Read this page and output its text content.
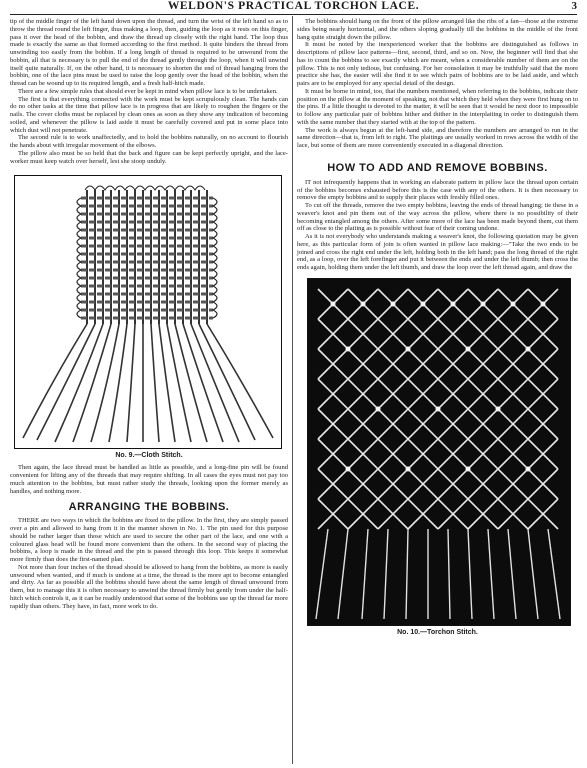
WELDON'S PRACTICAL TORCHON LACE.	3

tip of the middle finger of the left hand down upon the thread, and turn the wrist of the left hand so as to throw the thread round the left finger, thus making a loop, then, guiding the loop as it rests on this finger, pass it over the head of the bobbin, and draw the thread up closely with the right hand. The loop thus made is exactly the same as that formed according to the first method. It quite hinders the thread from unwinding too easily from the bobbin. If a long length of thread is required to be unwound from the bobbin, all that is necessary is to pull the end of the thread gently through the loop, when it will unwind itself quite naturally. If, on the other hand, it is necessary to shorten the end of thread hanging from the bobbin, one of the lace pins must be used to raise the loop gently over the head of the bobbin, when the thread can be wound up to its required length, and a fresh half-hitch made.

There are a few simple rules that should ever be kept in mind when pillow lace is to be undertaken.

The first is that everything connected with the work must be kept scrupulously clean. The hands can do no other tasks at the time that pillow lace is in progress that are likely to roughen the fingers or the nails. The cover cloths must be replaced by clean ones as soon as they show any indication of becoming soiled, and whenever the pillow is laid aside it must be carefully covered and put in some place into which dust will not penetrate.

The second rule is to work unaffectedly, and to hold the bobbins naturally, on no account to flourish the hands about with irregular movement of the elbows.

The pillow also must be so held that the back and figure can be kept perfectly upright, and the lace-worker must keep watch over herself, lest she stoop unduly.

No. 9.—Cloth Stitch.

Then again, the lace thread must be handled as little as possible, and a long-fine pin will be found convenient for lifting any of the threads that may require shifting. In all cases the eyes must not pay too much attention to the bobbins, but must rather study the threads, looking upon the former merely as handles, and nothing more.

ARRANGING THE BOBBINS.

THERE are two ways in which the bobbins are fixed to the pillow. In the first, they are simply passed over a pin and allowed to hang from it in the manner shown in No. 1. The pin used for this purpose should be rather larger than those which are used to secure the other part of the lace, and one with a coloured glass head will be found more convenient than the others. In the second way of placing the bobbins, a loop is made in the thread and the pin is passed through this loop. This keeps it somewhat more firmly than does the first-named plan.

Not more than four inches of the thread should be allowed to hang from the bobbins, as more is easily unwound when wanted, and if much is undone at a time, the thread is the more apt to become entangled and dirty. As far as possible all the bobbins should have about the same length of thread unwound from them, but to manage this it is often necessary to unwind the thread firmly but gently from under the half-hitch which controls it, as it can be readily understood that some of the bobbins use up the thread far more rapidly than others. They have, in fact, more work to do.

The bobbins should hang on the front of the pillow arranged like the ribs of a fan—those at the extreme sides being nearly horizontal, and the others sloping gradually till the bobbins in the middle of the front hang quite straight down the pillow.

It must be noted by the inexperienced worker that the bobbins are distinguished as follows in descriptions of pillow lace patterns—first, second, third, and so on. Now, the beginner will find that she has to count the bobbins to see exactly which are meant, when a considerable number of them are on the pillow. This is not only tedious, but confusing. For her consolation it may be truthfully said that the more practice she has, the easier will she find it to see which pairs of bobbins are to be laid aside, and which pairs are to be employed for any special detail of the design.

It must be borne in mind, too, that the numbers mentioned, when referring to the bobbins, indicate their position on the pillow at the moment of speaking, not that which they held when they were first hung on to the pins. If a little thought is devoted to the matter, it will be seen that it would be next door to impossible to follow any particular pair of bobbins hither and thither in the interplaiting in order to distinguish them with the same number that they started with at the top of the pattern.

The work is always begun at the left-hand side, and therefore the numbers are arranged to run in the same direction—that is, from left to right. The plaitings are usually worked in rows across the width of the lace, but some of them are more conveniently executed in a diagonal direction.

HOW TO ADD AND REMOVE BOBBINS.

IT not infrequently happens that in working an elaborate pattern in pillow lace the thread upon certain of the bobbins becomes exhausted before this is the case with any of the others. It is then necessary to remove the empty bobbins and to supply their places with freshly filled ones.

To cut off the threads, remove the two empty bobbins, leaving the ends of thread hanging; tie these in a weaver's knot and pin them out of the way across the pillow, where there is no possibility of their becoming entangled among the others. After some more of the lace has been made beyond them, cut them off as close to the plaiting as is possible without fear of their coming undone.

As it is not everybody who understands making a weaver's knot, the following quotation may be given here, as this particular form of join is often wanted in pillow lace making:—"Take the two ends to be joined and cross the right end under the left, holding both in the left hand; pass the long thread of the right end, as a loop, over the left forefinger and put it between the ends and under the left thumb; then cross the ends again, holding them under the left thumb, and draw the loop over the left thread again, and draw the

No. 10.—Torchon Stitch.
